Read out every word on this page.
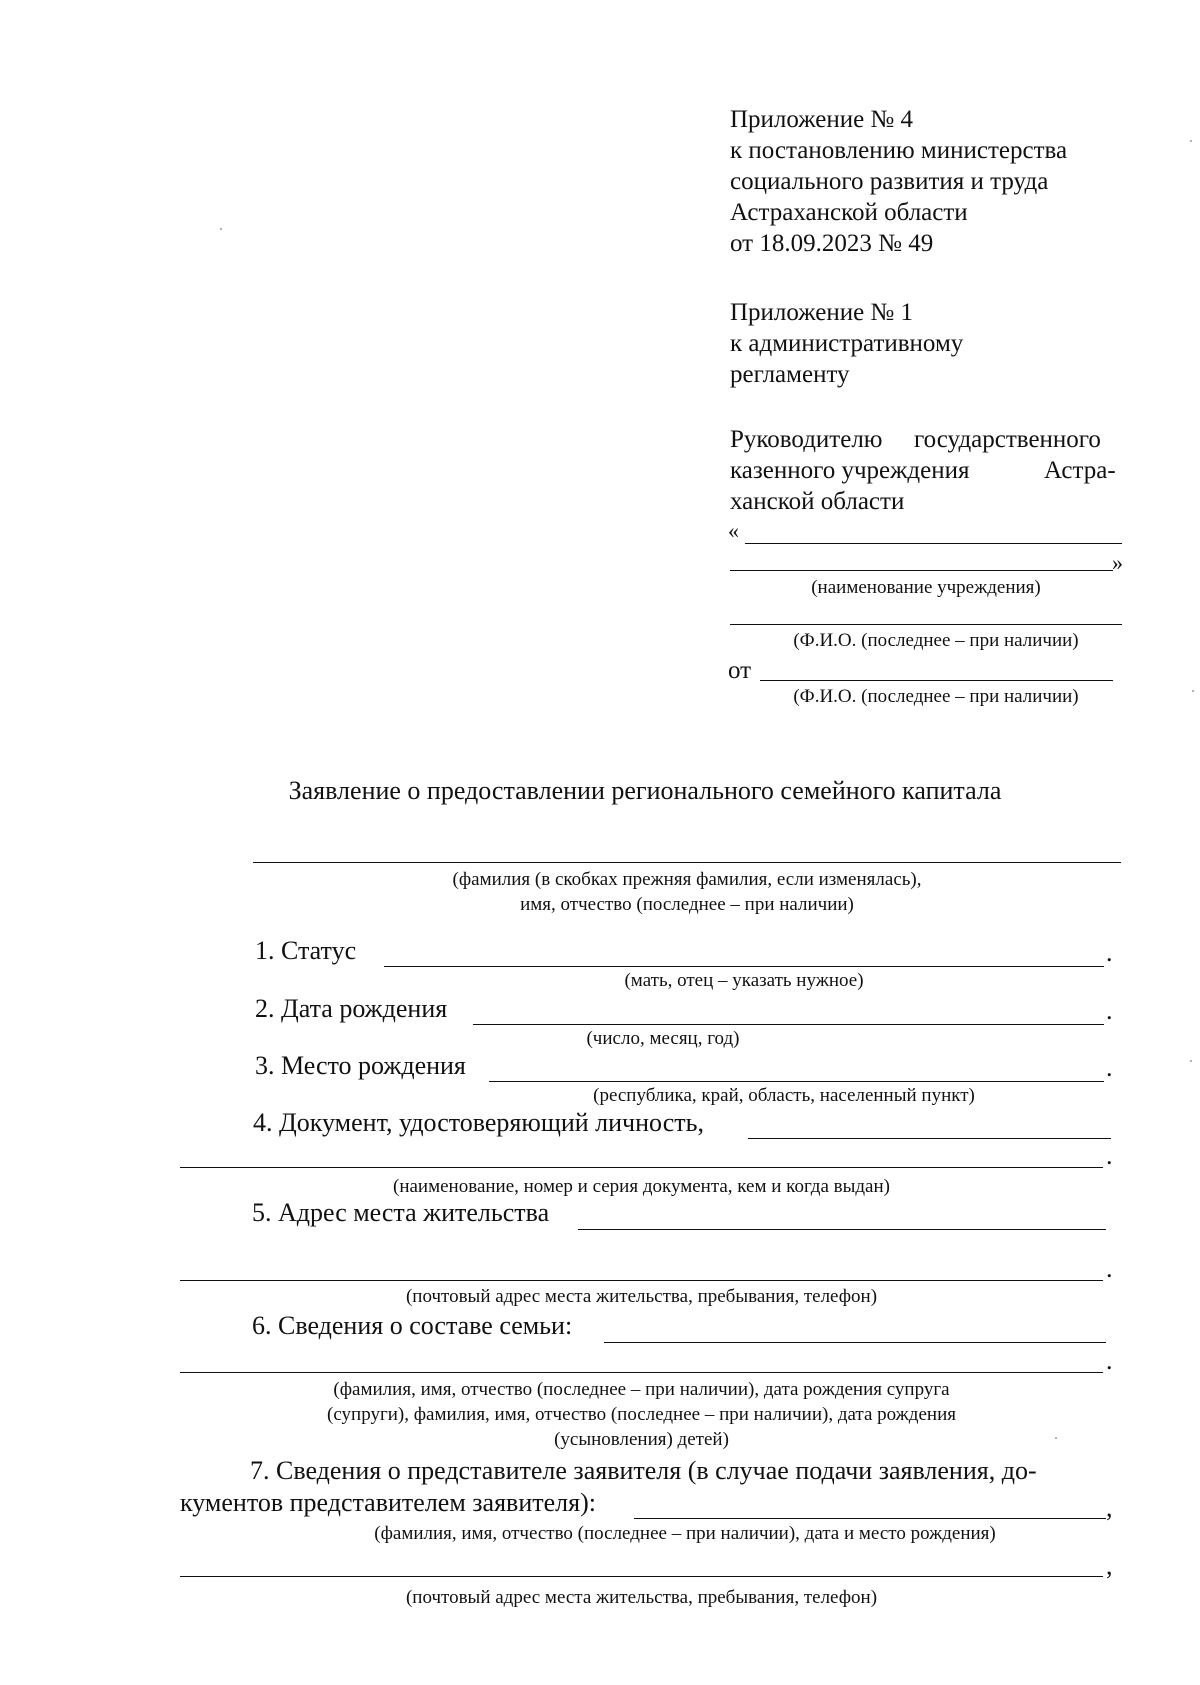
Приложение № 4
к постановлению министерства
социального развития и труда
Астраханской области
от 18.09.2023 № 49
Приложение № 1
к административному
регламенту
Руководителю государственного
казенного учреждения	Астра-
ханской области
«
»
(наименование учреждения)
(Ф.И.О. (последнее – при наличии)
от
(Ф.И.О. (последнее – при наличии)
Заявление о предоставлении регионального семейного капитала
(фамилия (в скобках прежняя фамилия, если изменялась),
имя, отчество (последнее – при наличии)
1. Статус	.
(мать, отец – указать нужное)
2. Дата рождения	.
(число, месяц, год)
3. Место рождения	.
(республика, край, область, населенный пункт)
4. Документ, удостоверяющий личность,
.
(наименование, номер и серия документа, кем и когда выдан)
5. Адрес места жительства
.
(почтовый адрес места жительства, пребывания, телефон)
6. Сведения о составе семьи:
.
(фамилия, имя, отчество (последнее – при наличии), дата рождения супруга
(супруги), фамилия, имя, отчество (последнее – при наличии), дата рождения
(усыновления) детей)
7. Сведения о представителе заявителя (в случае подачи заявления, до-
кументов представителем заявителя):	,
(фамилия, имя, отчество (последнее – при наличии), дата и место рождения)
,
(почтовый адрес места жительства, пребывания, телефон)
